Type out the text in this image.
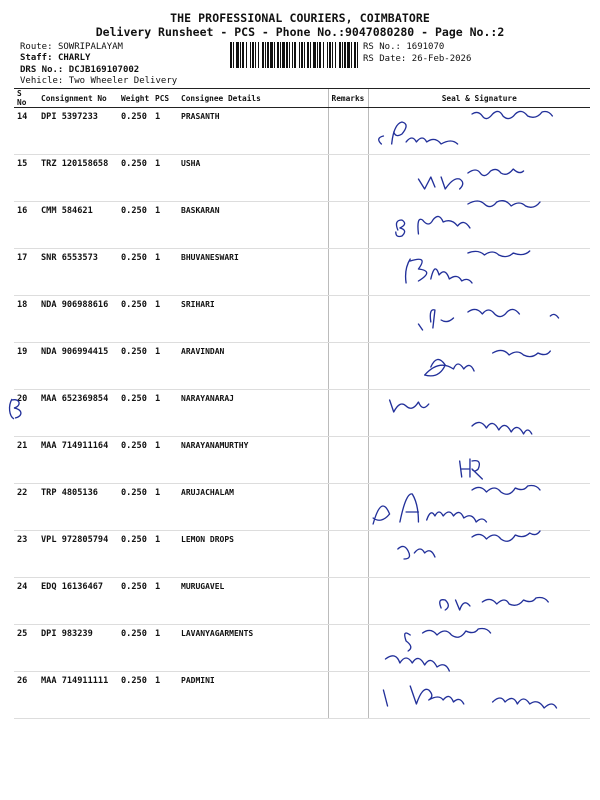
THE PROFESSIONAL COURIERS, COIMBATORE
Delivery Runsheet - PCS - Phone No.:9047080280 - Page No.:2
Route: SOWRIPALAYAM
Staff: CHARLY
DRS No.: DCJB169107002
Vehicle: Two Wheeler Delivery
RS No.: 1691070
RS Date: 26-Feb-2026
S No	Consignment No	Weight	PCS	Consignee Details	Remarks	Seal & Signature
14	DPI 5397233	0.250	1	PRASANTH		

15	TRZ 120158658	0.250	1	USHA		

16	CMM 584621	0.250	1	BASKARAN		

17	SNR 6553573	0.250	1	BHUVANESWARI		

18	NDA 906988616	0.250	1	SRIHARI		

19	NDA 906994415	0.250	1	ARAVINDAN		

20	MAA 652369854	0.250	1	NARAYANARAJ		

21	MAA 714911164	0.250	1	NARAYANAMURTHY		

22	TRP 4805136	0.250	1	ARUJACHALAM		

23	VPL 972805794	0.250	1	LEMON DROPS		

24	EDQ 16136467	0.250	1	MURUGAVEL		

25	DPI 983239	0.250	1	LAVANYAGARMENTS		

26	MAA 714911111	0.250	1	PADMINI		
